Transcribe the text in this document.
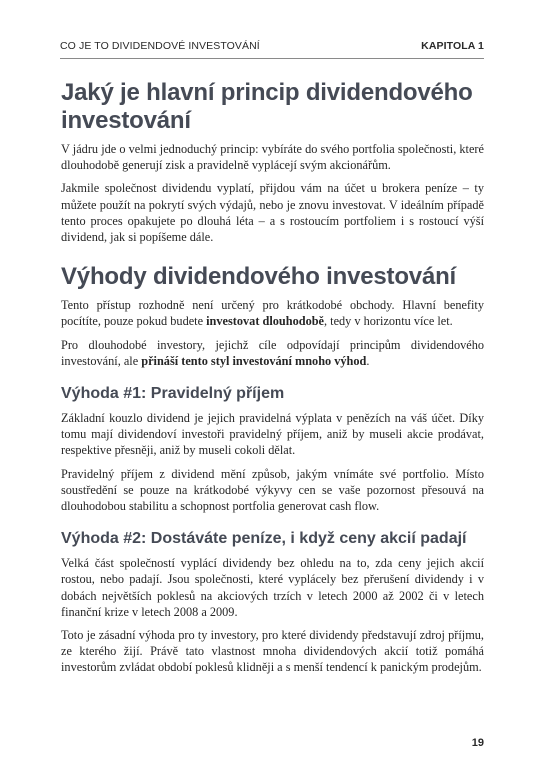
CO JE TO DIVIDENDOVÉ INVESTOVÁNÍ	KAPITOLA 1
Jaký je hlavní princip dividendového investování

V jádru jde o velmi jednoduchý princip: vybíráte do svého portfolia společnosti, které dlouhodobě generují zisk a pravidelně vyplácejí svým akcionářům.

Jakmile společnost dividendu vyplatí, přijdou vám na účet u brokera peníze – ty můžete použít na pokrytí svých výdajů, nebo je znovu investovat. V ideálním případě tento proces opakujete po dlouhá léta – a s rostoucím portfoliem i s rostoucí výší dividend, jak si popíšeme dále.

Výhody dividendového investování

Tento přístup rozhodně není určený pro krátkodobé obchody. Hlavní benefity pocítíte, pouze pokud budete investovat dlouhodobě, tedy v horizontu více let.

Pro dlouhodobé investory, jejichž cíle odpovídají principům dividendového investování, ale přináší tento styl investování mnoho výhod.

Výhoda #1: Pravidelný příjem

Základní kouzlo dividend je jejich pravidelná výplata v penězích na váš účet. Díky tomu mají dividendoví investoři pravidelný příjem, aniž by museli akcie prodávat, respektive přesněji, aniž by museli cokoli dělat.

Pravidelný příjem z dividend mění způsob, jakým vnímáte své portfolio. Místo soustředění se pouze na krátkodobé výkyvy cen se vaše pozornost přesouvá na dlouhodobou stabilitu a schopnost portfolia generovat cash flow.

Výhoda #2: Dostáváte peníze, i když ceny akcií padají

Velká část společností vyplácí dividendy bez ohledu na to, zda ceny jejich akcií rostou, nebo padají. Jsou společnosti, které vyplácely bez přerušení dividendy i v dobách největších poklesů na akciových trzích v letech 2000 až 2002 či v letech finanční krize v letech 2008 a 2009.

Toto je zásadní výhoda pro ty investory, pro které dividendy představují zdroj příjmu, ze kterého žijí. Právě tato vlastnost mnoha dividendových akcií totiž pomáhá investorům zvládat období poklesů klidněji a s menší tendencí k panickým prodejům.

19
